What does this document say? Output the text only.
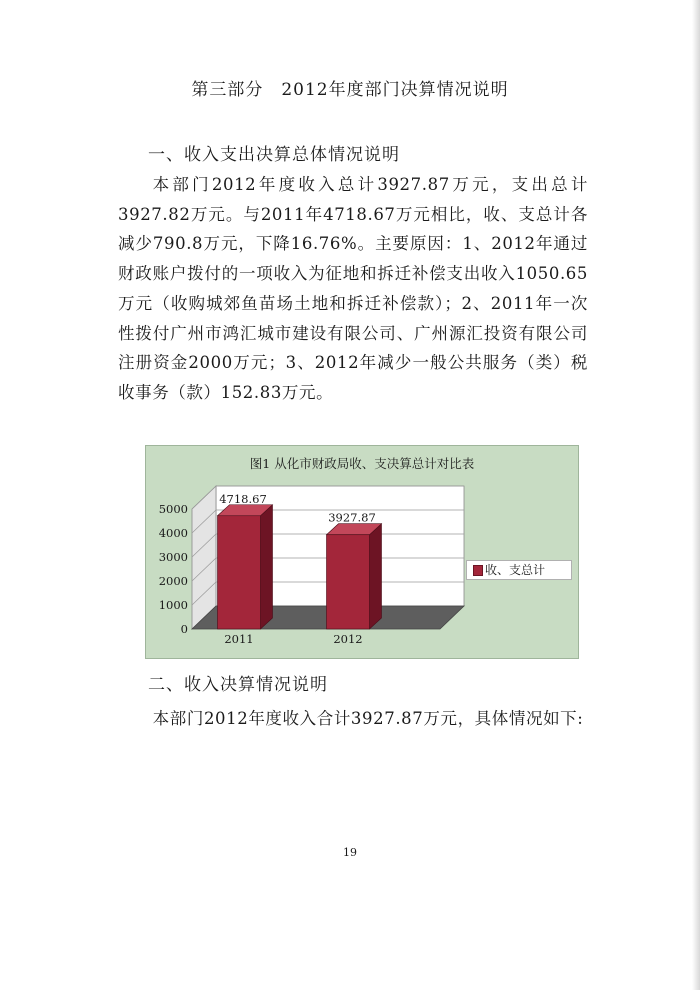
第三部分　2012年度部门决算情况说明
一、收入支出决算总体情况说明
本部门2012年度收入总计3927.87万元，支出总计3927.82万元。与2011年4718.67万元相比，收、支总计各减少790.8万元，下降16.76%。主要原因：1、2012年通过财政账户拨付的一项收入为征地和拆迁补偿支出收入1050.65万元（收购城郊鱼苗场土地和拆迁补偿款）；2、2011年一次性拨付广州市鸿汇城市建设有限公司、广州源汇投资有限公司注册资金2000万元；3、2012年减少一般公共服务（类）税收事务（款）152.83万元。
0
1000
2000
3000
4000
5000
4718.67
2011
3927.87
2012
图1 从化市财政局收、支决算总计对比表
收、支总计
二、收入决算情况说明
本部门2012年度收入合计3927.87万元，具体情况如下:
19
